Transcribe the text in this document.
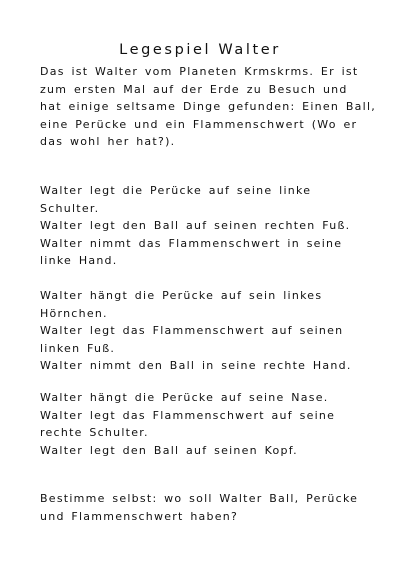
Legespiel Walter

Das ist Walter vom Planeten Krmskrms. Er ist
zum ersten Mal auf der Erde zu Besuch und
hat einige seltsame Dinge gefunden: Einen Ball,
eine Perücke und ein Flammenschwert (Wo er
das wohl her hat?).

Walter legt die Perücke auf seine linke
Schulter.
Walter legt den Ball auf seinen rechten Fuß.
Walter nimmt das Flammenschwert in seine
linke Hand.

Walter hängt die Perücke auf sein linkes
Hörnchen.
Walter legt das Flammenschwert auf seinen
linken Fuß.
Walter nimmt den Ball in seine rechte Hand.

Walter hängt die Perücke auf seine Nase.
Walter legt das Flammenschwert auf seine
rechte Schulter.
Walter legt den Ball auf seinen Kopf.

Bestimme selbst: wo soll Walter Ball, Perücke
und Flammenschwert haben?
